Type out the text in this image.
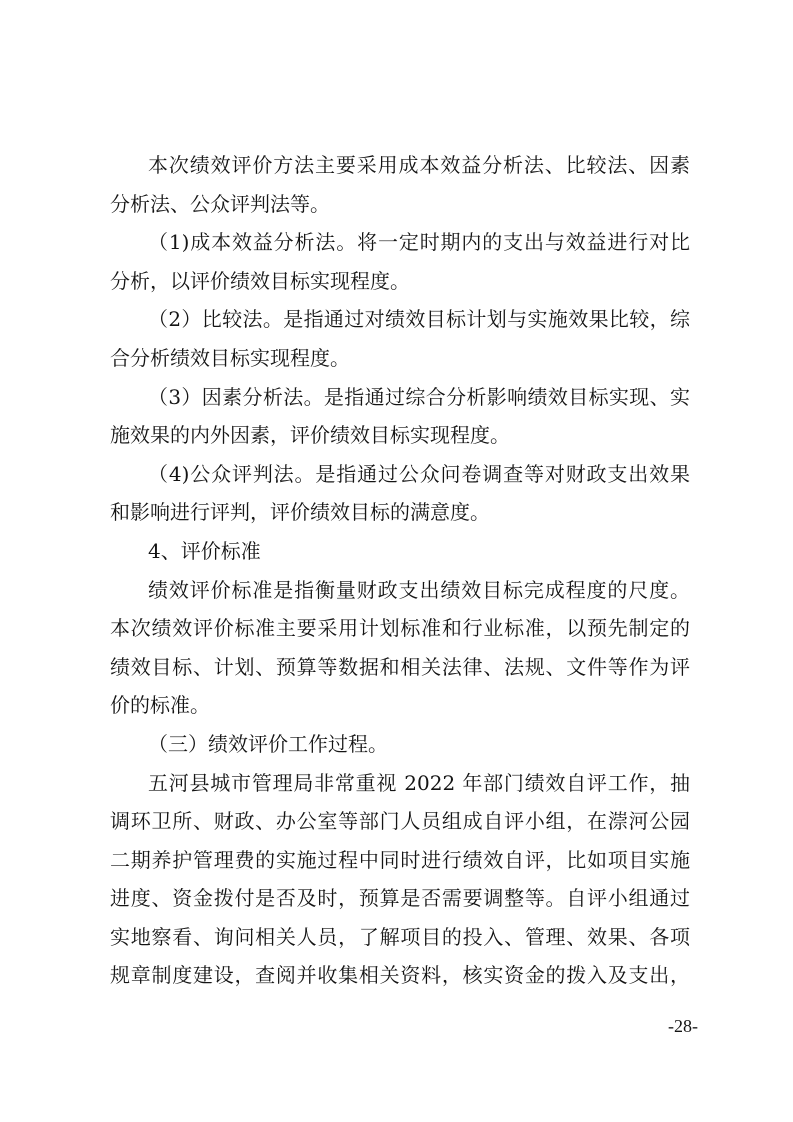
本次绩效评价方法主要采用成本效益分析法、比较法、因素
分析法、公众评判法等。
（1)成本效益分析法。将一定时期内的支出与效益进行对比
分析，以评价绩效目标实现程度。
（2）比较法。是指通过对绩效目标计划与实施效果比较，综
合分析绩效目标实现程度。
（3）因素分析法。是指通过综合分析影响绩效目标实现、实
施效果的内外因素，评价绩效目标实现程度。
（4)公众评判法。是指通过公众问卷调查等对财政支出效果
和影响进行评判，评价绩效目标的满意度。
4、评价标准
绩效评价标准是指衡量财政支出绩效目标完成程度的尺度。
本次绩效评价标准主要采用计划标准和行业标准，以预先制定的
绩效目标、计划、预算等数据和相关法律、法规、文件等作为评
价的标准。
（三）绩效评价工作过程。
五河县城市管理局非常重视 2022 年部门绩效自评工作，抽
调环卫所、财政、办公室等部门人员组成自评小组，在漴河公园
二期养护管理费的实施过程中同时进行绩效自评，比如项目实施
进度、资金拨付是否及时，预算是否需要调整等。自评小组通过
实地察看、询问相关人员，了解项目的投入、管理、效果、各项
规章制度建设，查阅并收集相关资料，核实资金的拨入及支出，
-28-
